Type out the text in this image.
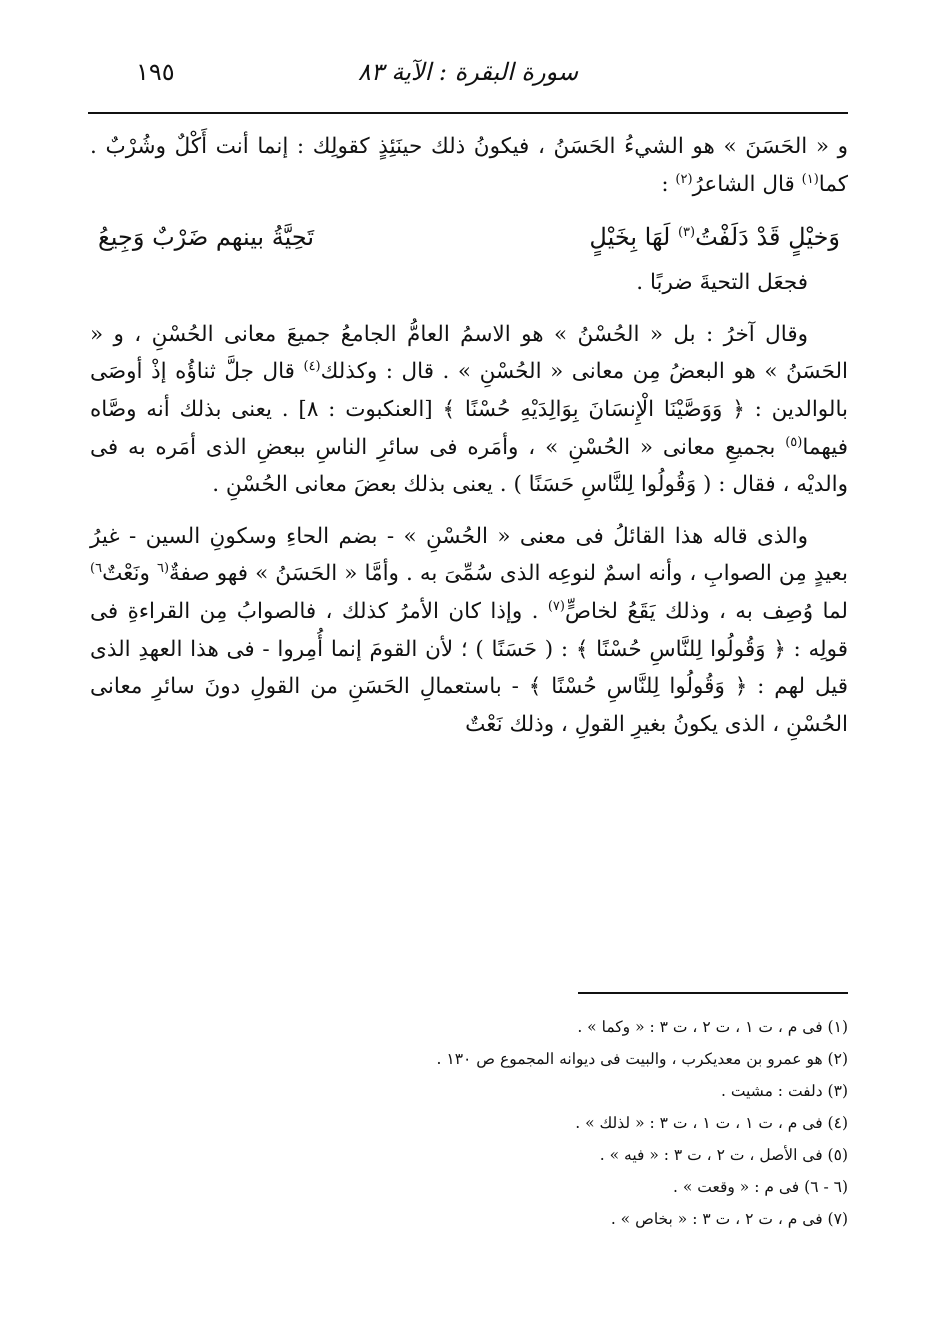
١٩٥	سورة البقرة : الآية ٨٣

و « الحَسَنَ » هو الشيءُ الحَسَنُ ، فيكونُ ذلك حينَئِذٍ كقولِك : إنما أنت أَكْلٌ وشُرْبٌ . كما$^{(١)}$ قال الشاعرُ$^{(٢)}$ :

وَخيْلٍ قَدْ دَلَفْتُ$^{(٣)}$ لَهَا بِخَيْلٍ
تَحِيَّةُ بينهم ضَرْبٌ وَجِيعُ

فجعَل التحيةَ ضربًا .

وقال آخرُ : بل « الحُسْنُ » هو الاسمُ العامُّ الجامعُ جميعَ معانى الحُسْنِ ، و « الحَسَنُ » هو البعضُ مِن معانى « الحُسْنِ » . قال : وكذلك$^{(٤)}$ قال جلَّ ثناؤُه إذْ أوصَى بالوالدين : ﴿ وَوَصَّيْنَا الْإِنسَانَ بِوَالِدَيْهِ حُسْنًا ﴾ [العنكبوت : ٨] . يعنى بذلك أنه وصَّاه فيهما$^{(٥)}$ بجميعِ معانى « الحُسْنِ » ، وأمَره فى سائرِ الناسِ ببعضِ الذى أمَره به فى والديْه ، فقال : ( وَقُولُوا لِلنَّاسِ حَسَنًا ) . يعنى بذلك بعضَ معانى الحُسْنِ .

والذى قاله هذا القائلُ فى معنى « الحُسْنِ » - بضم الحاءِ وسكونِ السين - غيرُ بعيدٍ مِن الصوابِ ، وأنه اسمٌ لنوعِه الذى سُمِّىَ به . وأمَّا « الحَسَنُ » فهو صفةٌ$^{(٦}$ ونَعْتٌ$^{٦)}$ لما وُصِف به ، وذلك يَقَعُ لخاصٍّ$^{(٧)}$ . وإذا كان الأمرُ كذلك ، فالصوابُ مِن القراءةِ فى قولِه : ﴿ وَقُولُوا لِلنَّاسِ حُسْنًا ﴾ : ( حَسَنًا ) ؛ لأن القومَ إنما أُمِروا - فى هذا العهدِ الذى قيل لهم : ﴿ وَقُولُوا لِلنَّاسِ حُسْنًا ﴾ - باستعمالِ الحَسَنِ من القولِ دونَ سائرِ معانى الحُسْنِ ، الذى يكونُ بغيرِ القولِ ، وذلك نَعْتٌ

(١) فى م ، ت ١ ، ت ٢ ، ت ٣ : « وكما » .
(٢) هو عمرو بن معديكرب ، والبيت فى ديوانه المجموع ص ١٣٠ .
(٣) دلفت : مشيت .
(٤) فى م ، ت ١ ، ت ١ ، ت ٣ : « لذلك » .
(٥) فى الأصل ، ت ٢ ، ت ٣ : « فيه » .
(٦ - ٦) فى م : « وقعت » .
(٧) فى م ، ت ٢ ، ت ٣ : « بخاص » .
